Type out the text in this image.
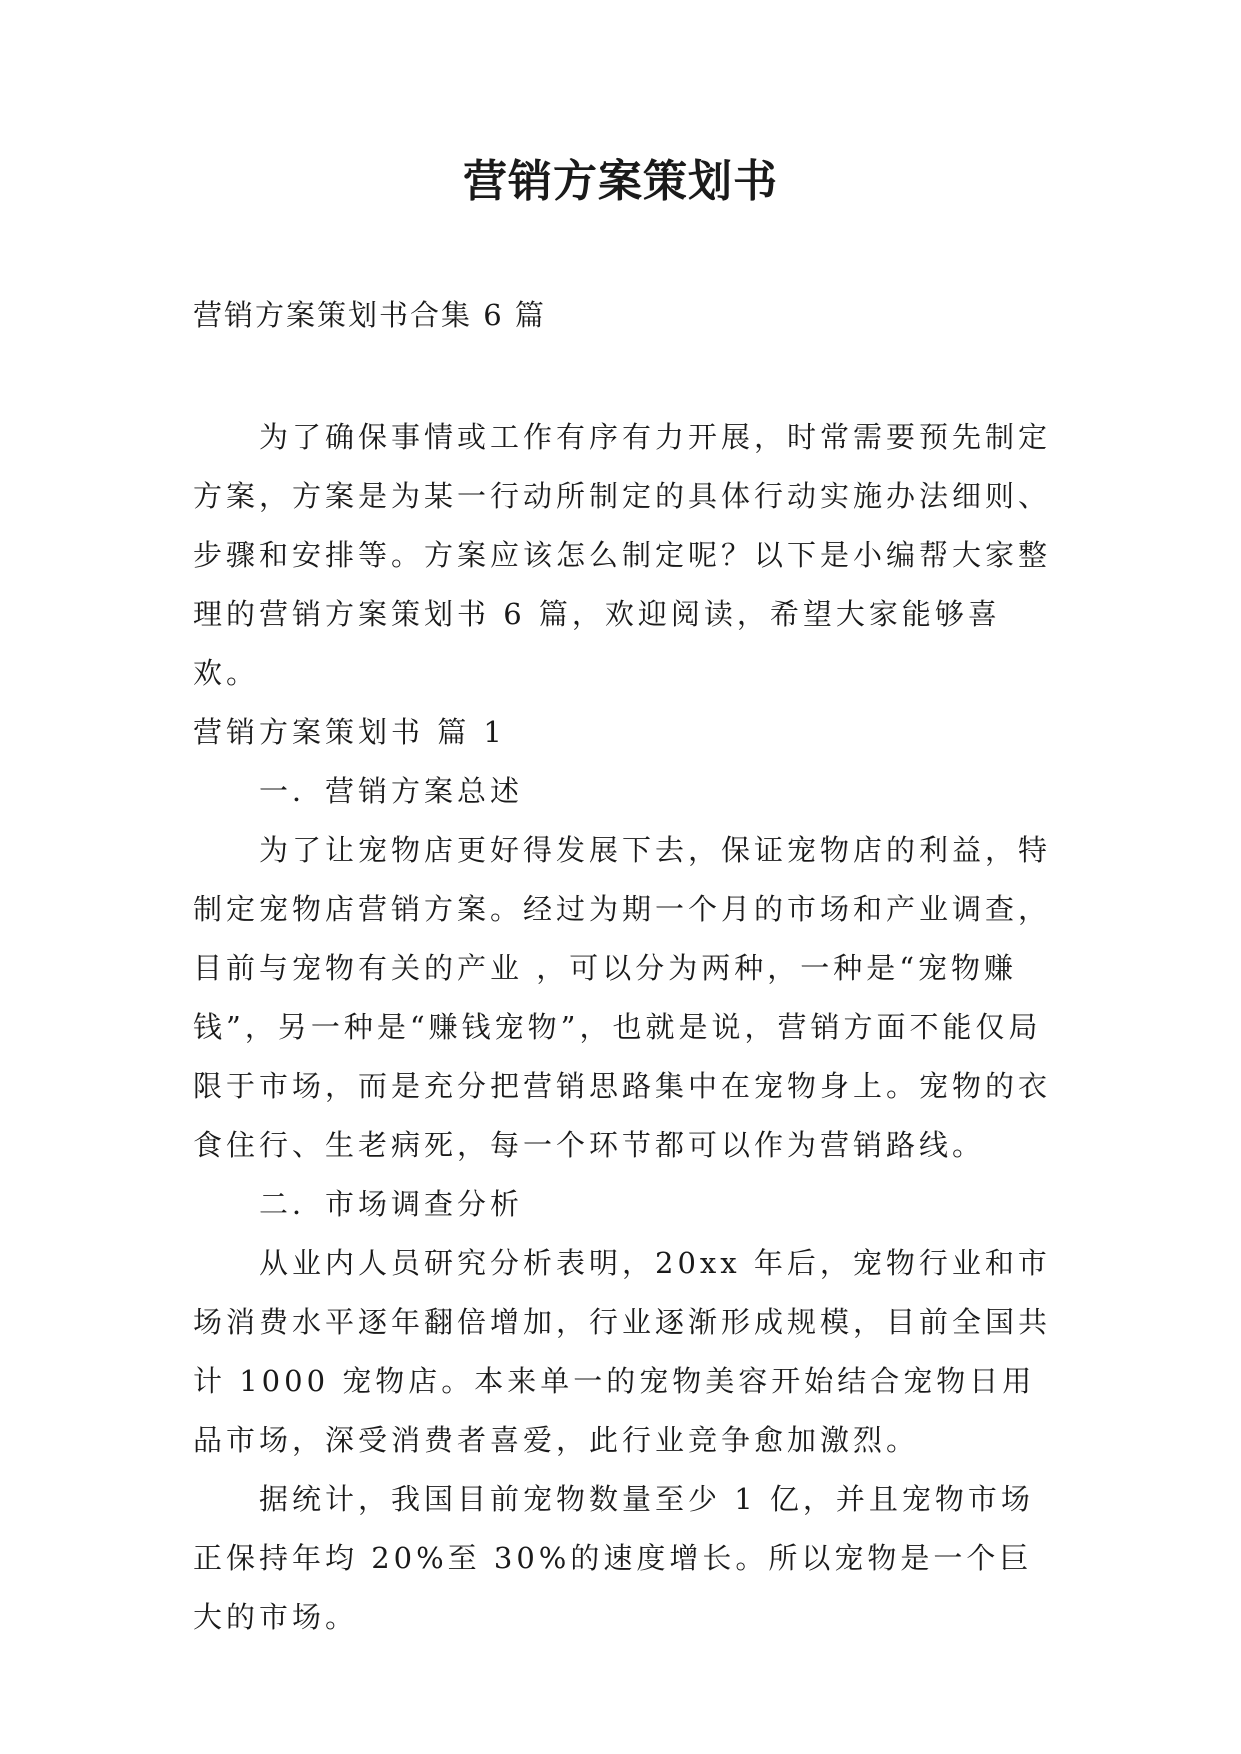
营销方案策划书
营销方案策划书合集 6 篇

为了确保事情或工作有序有力开展，时常需要预先制定方案，方案是为某一行动所制定的具体行动实施办法细则、步骤和安排等。方案应该怎么制定呢？以下是小编帮大家整理的营销方案策划书 6 篇，欢迎阅读，希望大家能够喜欢。

营销方案策划书 篇 1

一．营销方案总述

为了让宠物店更好得发展下去，保证宠物店的利益，特制定宠物店营销方案。经过为期一个月的市场和产业调查，目前与宠物有关的产业 ，可以分为两种，一种是“宠物赚钱”，另一种是“赚钱宠物”，也就是说，营销方面不能仅局限于市场，而是充分把营销思路集中在宠物身上。宠物的衣食住行、生老病死，每一个环节都可以作为营销路线。

二．市场调查分析

从业内人员研究分析表明，20xx 年后，宠物行业和市场消费水平逐年翻倍增加，行业逐渐形成规模，目前全国共计 1000 宠物店。本来单一的宠物美容开始结合宠物日用品市场，深受消费者喜爱，此行业竞争愈加激烈。

据统计，我国目前宠物数量至少 1 亿，并且宠物市场正保持年均 20%至 30%的速度增长。所以宠物是一个巨大的市场。
